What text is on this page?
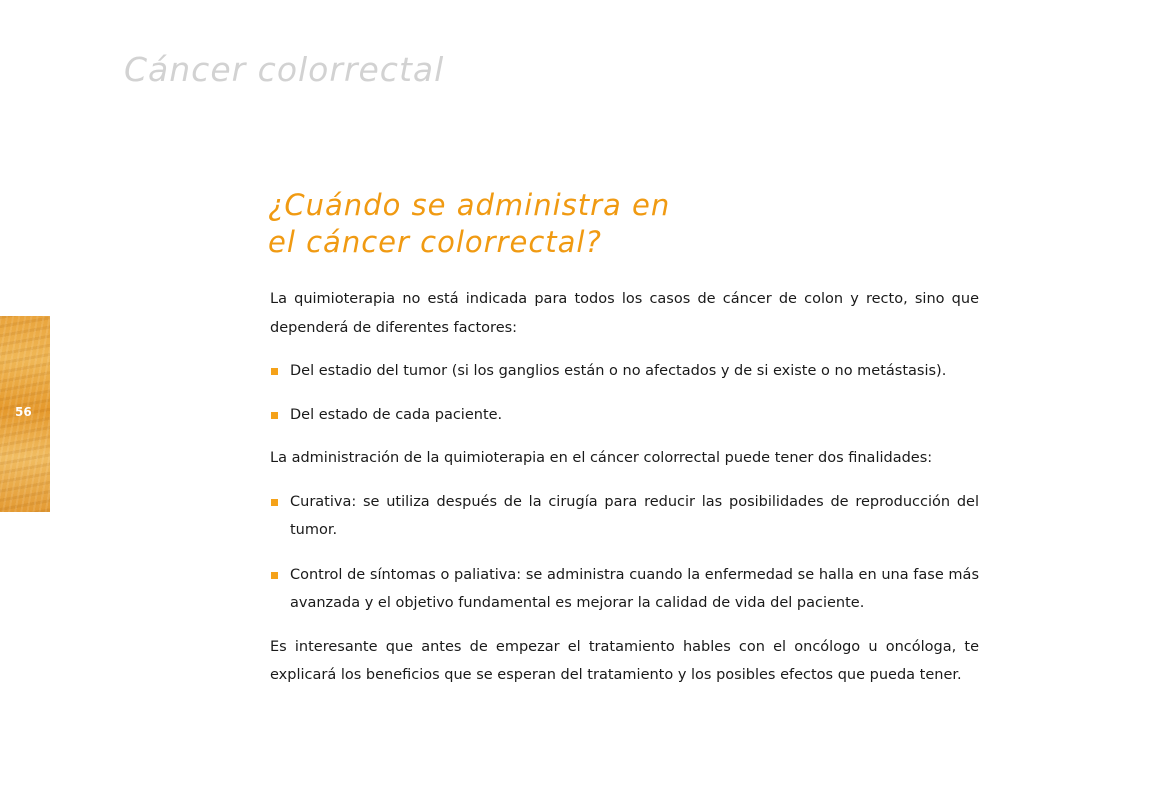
Cáncer colorrectal
56
¿Cuándo se administra en
el cáncer colorrectal?

La quimioterapia no está indicada para todos los casos de cáncer de colon y recto, sino que dependerá de diferentes factores:

Del estadio del tumor (si los ganglios están o no afectados y de si existe o no metástasis).
Del estado de cada paciente.

La administración de la quimioterapia en el cáncer colorrectal puede tener dos finalidades:

Curativa: se utiliza después de la cirugía para reducir las posibilidades de reproducción del tumor.
Control de síntomas o paliativa: se administra cuando la enfermedad se halla en una fase más avanzada y el objetivo fundamental es mejorar la calidad de vida del paciente.

Es interesante que antes de empezar el tratamiento hables con el oncólogo u oncóloga, te explicará los beneficios que se esperan del tratamiento y los posibles efectos que pueda tener.
